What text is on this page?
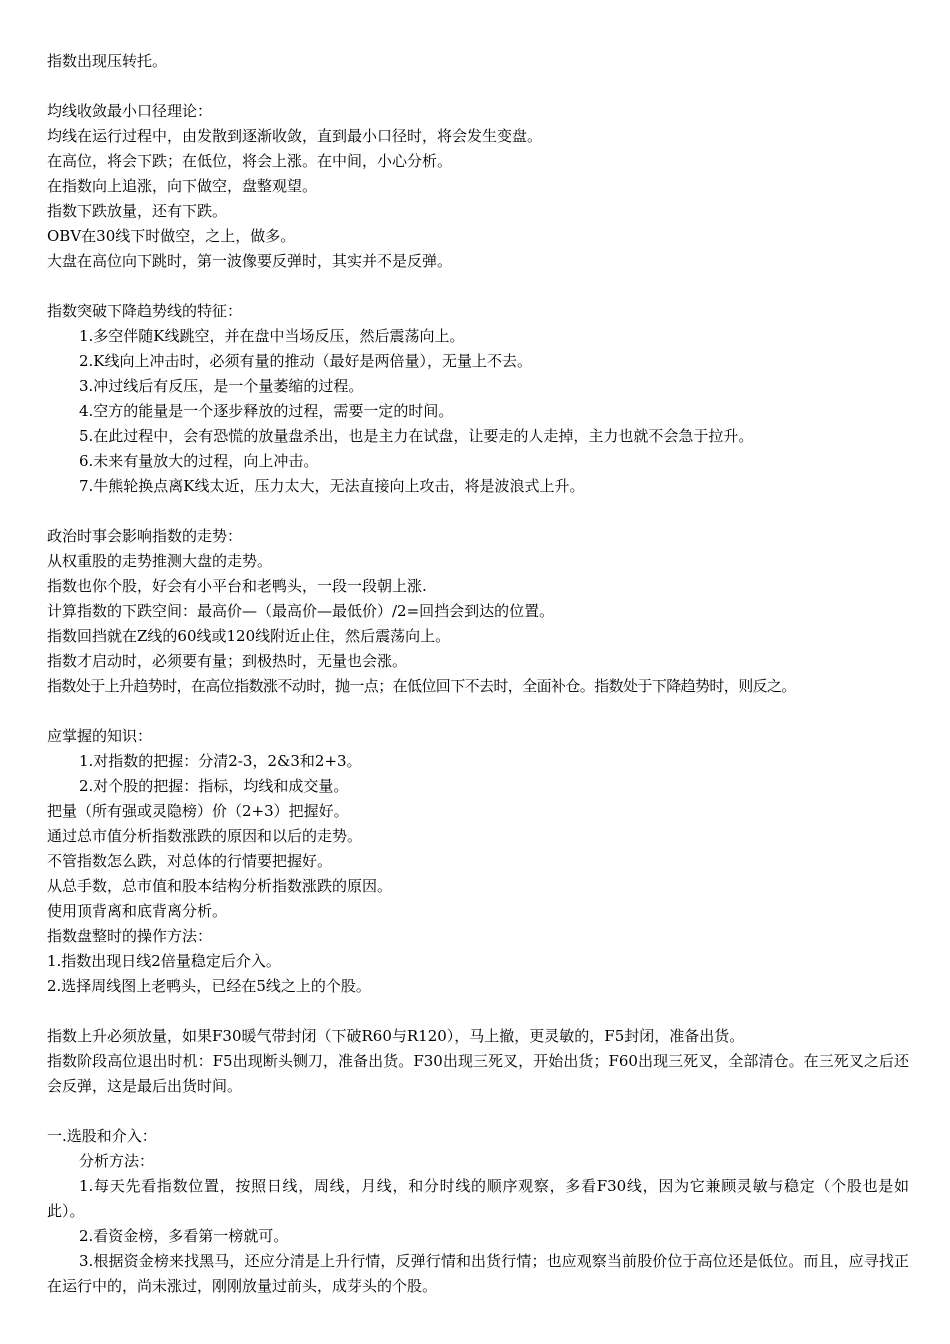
指数出现压转托。
均线收敛最小口径理论：
均线在运行过程中，由发散到逐渐收敛，直到最小口径时，将会发生变盘。
在高位，将会下跌；在低位，将会上涨。在中间，小心分析。
在指数向上追涨，向下做空，盘整观望。
指数下跌放量，还有下跌。
OBV在30线下时做空，之上，做多。
大盘在高位向下跳时，第一波像要反弹时，其实并不是反弹。
指数突破下降趋势线的特征：
1.多空伴随K线跳空，并在盘中当场反压，然后震荡向上。
2.K线向上冲击时，必须有量的推动（最好是两倍量），无量上不去。
3.冲过线后有反压，是一个量萎缩的过程。
4.空方的能量是一个逐步释放的过程，需要一定的时间。
5.在此过程中，会有恐慌的放量盘杀出，也是主力在试盘，让要走的人走掉，主力也就不会急于拉升。
6.未来有量放大的过程，向上冲击。
7.牛熊轮换点离K线太近，压力太大，无法直接向上攻击，将是波浪式上升。
政治时事会影响指数的走势：
从权重股的走势推测大盘的走势。
指数也你个股，好会有小平台和老鸭头，一段一段朝上涨.
计算指数的下跌空间：最高价—（最高价—最低价）/2=回挡会到达的位置。
指数回挡就在Z线的60线或120线附近止住，然后震荡向上。
指数才启动时，必须要有量；到极热时，无量也会涨。
指数处于上升趋势时，在高位指数涨不动时，抛一点；在低位回下不去时，全面补仓。指数处于下降趋势时，则反之。
应掌握的知识：
1.对指数的把握：分清2-3，2&3和2+3。
2.对个股的把握：指标，均线和成交量。
把量（所有强或灵隐榜）价（2+3）把握好。
通过总市值分析指数涨跌的原因和以后的走势。
不管指数怎么跌，对总体的行情要把握好。
从总手数，总市值和股本结构分析指数涨跌的原因。
使用顶背离和底背离分析。
指数盘整时的操作方法：
1.指数出现日线2倍量稳定后介入。
2.选择周线图上老鸭头，已经在5线之上的个股。
指数上升必须放量，如果F30暖气带封闭（下破R60与R120），马上撤，更灵敏的，F5封闭，准备出货。
指数阶段高位退出时机：F5出现断头铡刀，准备出货。F30出现三死叉，开始出货；F60出现三死叉，全部清仓。在三死叉之后还会反弹，这是最后出货时间。
一.选股和介入：
分析方法：
1.每天先看指数位置，按照日线，周线，月线，和分时线的顺序观察，多看F30线，因为它兼顾灵敏与稳定（个股也是如此）。
2.看资金榜，多看第一榜就可。
3.根据资金榜来找黑马，还应分清是上升行情，反弹行情和出货行情；也应观察当前股价位于高位还是低位。而且，应寻找正在运行中的，尚未涨过，刚刚放量过前头，成芽头的个股。
